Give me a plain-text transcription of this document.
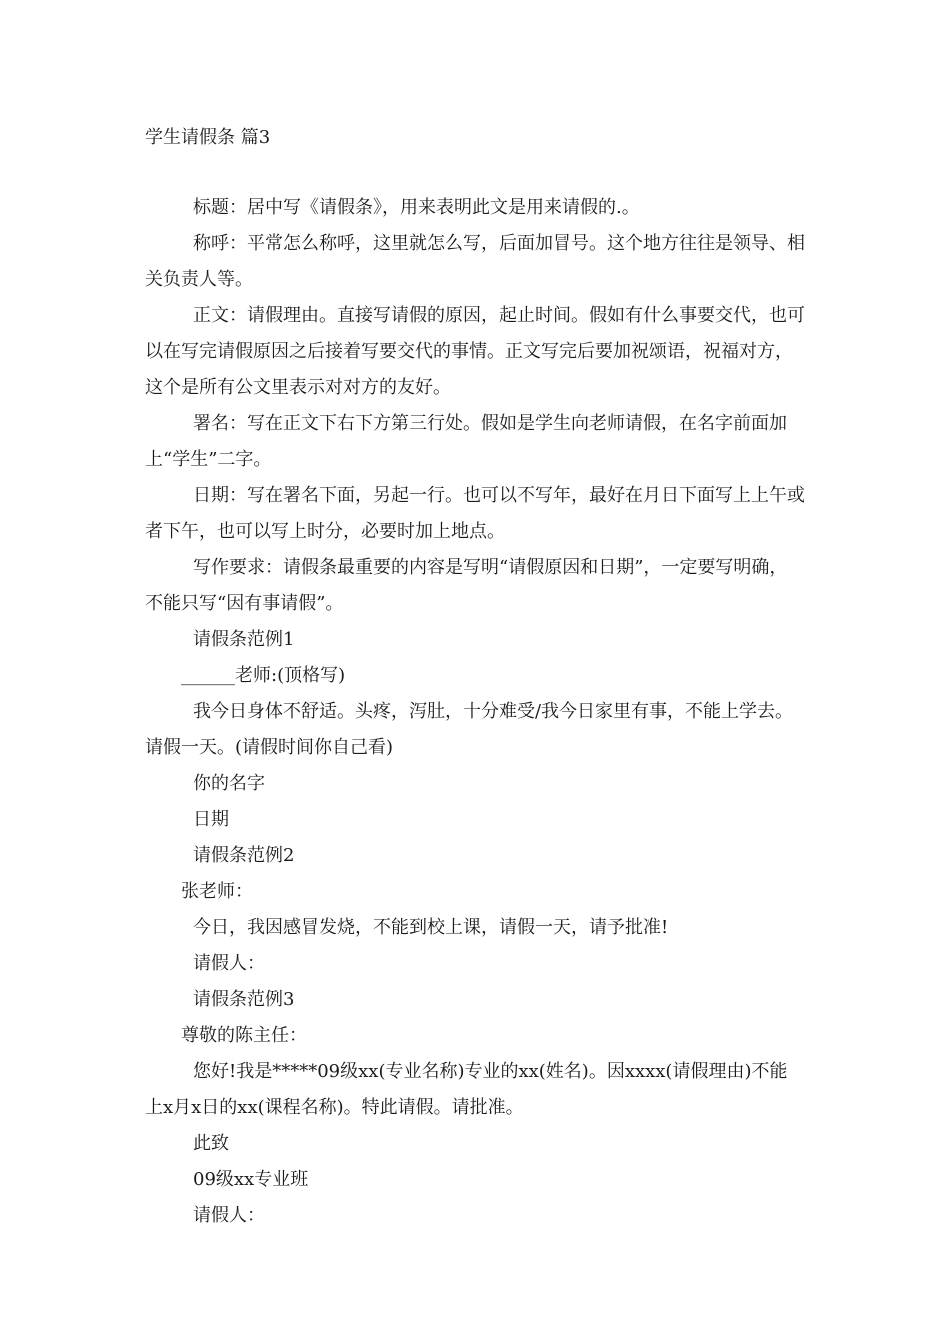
学生请假条 篇3

标题：居中写《请假条》，用来表明此文是用来请假的.。

称呼：平常怎么称呼，这里就怎么写，后面加冒号。这个地方往往是领导、相关负责人等。

正文：请假理由。直接写请假的原因，起止时间。假如有什么事要交代，也可以在写完请假原因之后接着写要交代的事情。正文写完后要加祝颂语，祝福对方，这个是所有公文里表示对对方的友好。

署名：写在正文下右下方第三行处。假如是学生向老师请假，在名字前面加上“学生”二字。

日期：写在署名下面，另起一行。也可以不写年，最好在月日下面写上上午或者下午，也可以写上时分，必要时加上地点。

写作要求：请假条最重要的内容是写明“请假原因和日期”，一定要写明确，不能只写“因有事请假”。

请假条范例1

______老师:(顶格写)

我今日身体不舒适。头疼，泻肚，十分难受/我今日家里有事，不能上学去。请假一天。(请假时间你自己看)

你的名字

日期

请假条范例2

张老师：

今日，我因感冒发烧，不能到校上课，请假一天，请予批准!

请假人：

请假条范例3

尊敬的陈主任：

您好!我是*****09级xx(专业名称)专业的xx(姓名)。因xxxx(请假理由)不能上x月x日的xx(课程名称)。特此请假。请批准。

此致

09级xx专业班

请假人：
